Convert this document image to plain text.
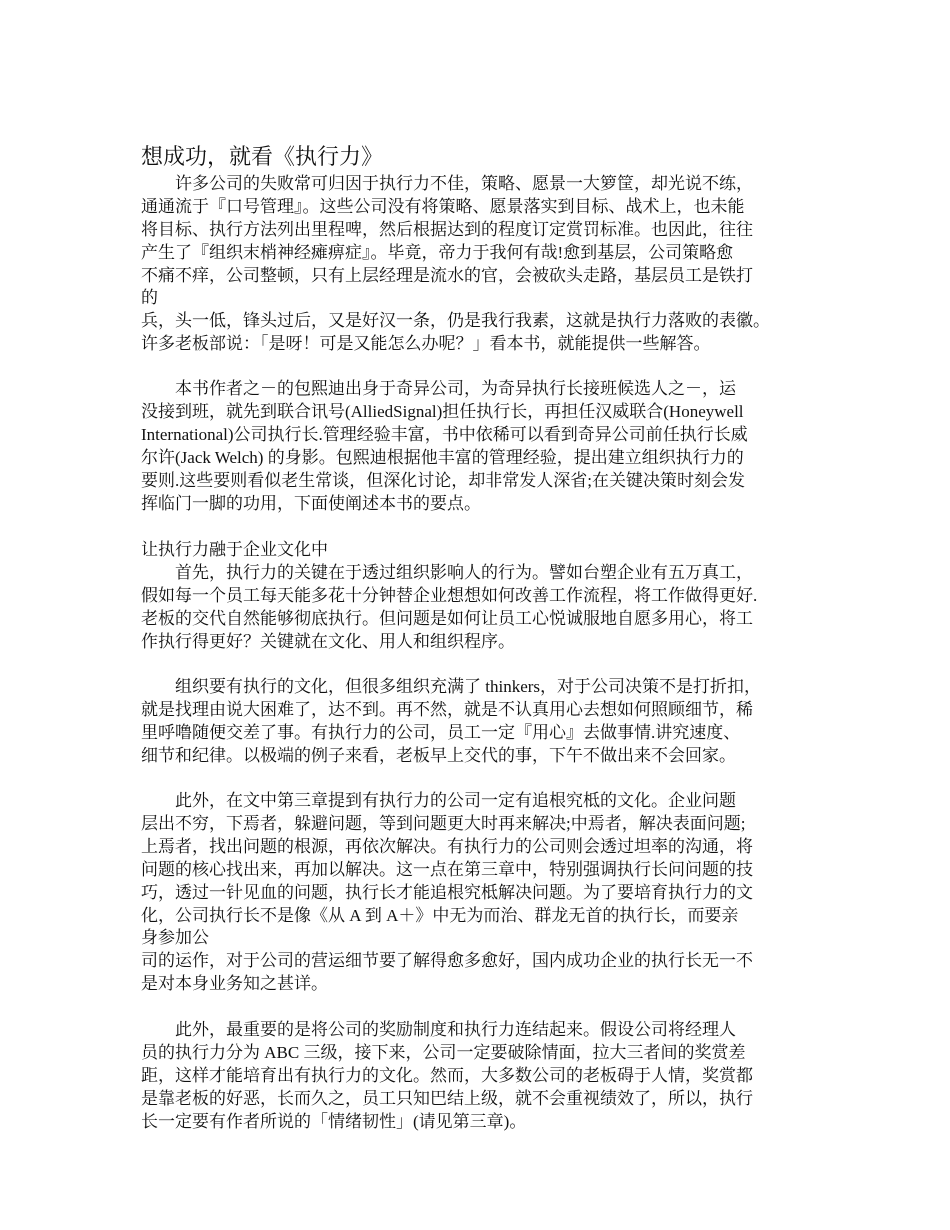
想成功，就看《执行力》

　　许多公司的失败常可归因于执行力不佳，策略、愿景一大箩筐，却光说不练，

通通流于『口号管理』。这些公司没有将策略、愿景落实到目标、战术上，也未能

将目标、执行方法列出里程啤，然后根据达到的程度订定赏罚标准。也因此，往往

产生了『组织末梢神经瘫痹症』。毕竟，帝力于我何有哉!愈到基层，公司策略愈

不痛不痒，公司整顿，只有上层经理是流水的官，会被砍头走路，基层员工是铁打

的

兵，头一低，锋头过后，又是好汉一条，仍是我行我素，这就是执行力落败的表徽。

许多老板部说：「是呀！可是又能怎么办呢？」看本书，就能提供一些解答。

　　本书作者之－的包熙迪出身于奇异公司，为奇异执行长接班候选人之－，运

没接到班，就先到联合讯号(AlliedSignal)担任执行长，再担任汉威联合(Honeywell

International)公司执行长.管理经验丰富，书中依稀可以看到奇异公司前任执行长威

尔许(Jack Welch) 的身影。包熙迪根据他丰富的管理经验，提出建立组织执行力的

要则.这些要则看似老生常谈，但深化讨论，却非常发人深省;在关键决策时刻会发

挥临门一脚的功用，下面使阐述本书的要点。

让执行力融于企业文化中

　　首先，执行力的关键在于透过组织影响人的行为。譬如台塑企业有五万真工，

假如每一个员工每天能多花十分钟替企业想想如何改善工作流程，将工作做得更好.

老板的交代自然能够彻底执行。但问题是如何让员工心悦诚服地自愿多用心，将工

作执行得更好？关键就在文化、用人和组织程序。

　　组织要有执行的文化，但很多组织充满了 thinkers，对于公司决策不是打折扣，

就是找理由说大困难了，达不到。再不然，就是不认真用心去想如何照顾细节，稀

里呼噜随便交差了事。有执行力的公司，员工一定『用心』去做事情.讲究速度、

细节和纪律。以极端的例子来看，老板早上交代的事，下午不做出来不会回家。

　　此外，在文中第三章提到有执行力的公司一定有追根究柢的文化。企业问题

层出不穷，下焉者，躲避问题，等到问题更大时再来解决;中焉者，解决表面问题;

上焉者，找出问题的根源，再依次解决。有执行力的公司则会透过坦率的沟通，将

问题的核心找出来，再加以解决。这一点在第三章中，特别强调执行长问问题的技

巧，透过一针见血的问题，执行长才能追根究柢解决问题。为了要培育执行力的文

化，公司执行长不是像《从 A 到 A＋》中无为而治、群龙无首的执行长，而要亲

身参加公

司的运作，对于公司的营运细节要了解得愈多愈好，国内成功企业的执行长无一不

是对本身业务知之甚详。

　　此外，最重要的是将公司的奖励制度和执行力连结起来。假设公司将经理人

员的执行力分为 ABC 三级，接下来，公司一定要破除情面，拉大三者间的奖赏差

距，这样才能培育出有执行力的文化。然而，大多数公司的老板碍于人情，奖赏都

是靠老板的好恶，长而久之，员工只知巴结上级，就不会重视绩效了，所以，执行

长一定要有作者所说的「情绪韧性」(请见第三章)。
